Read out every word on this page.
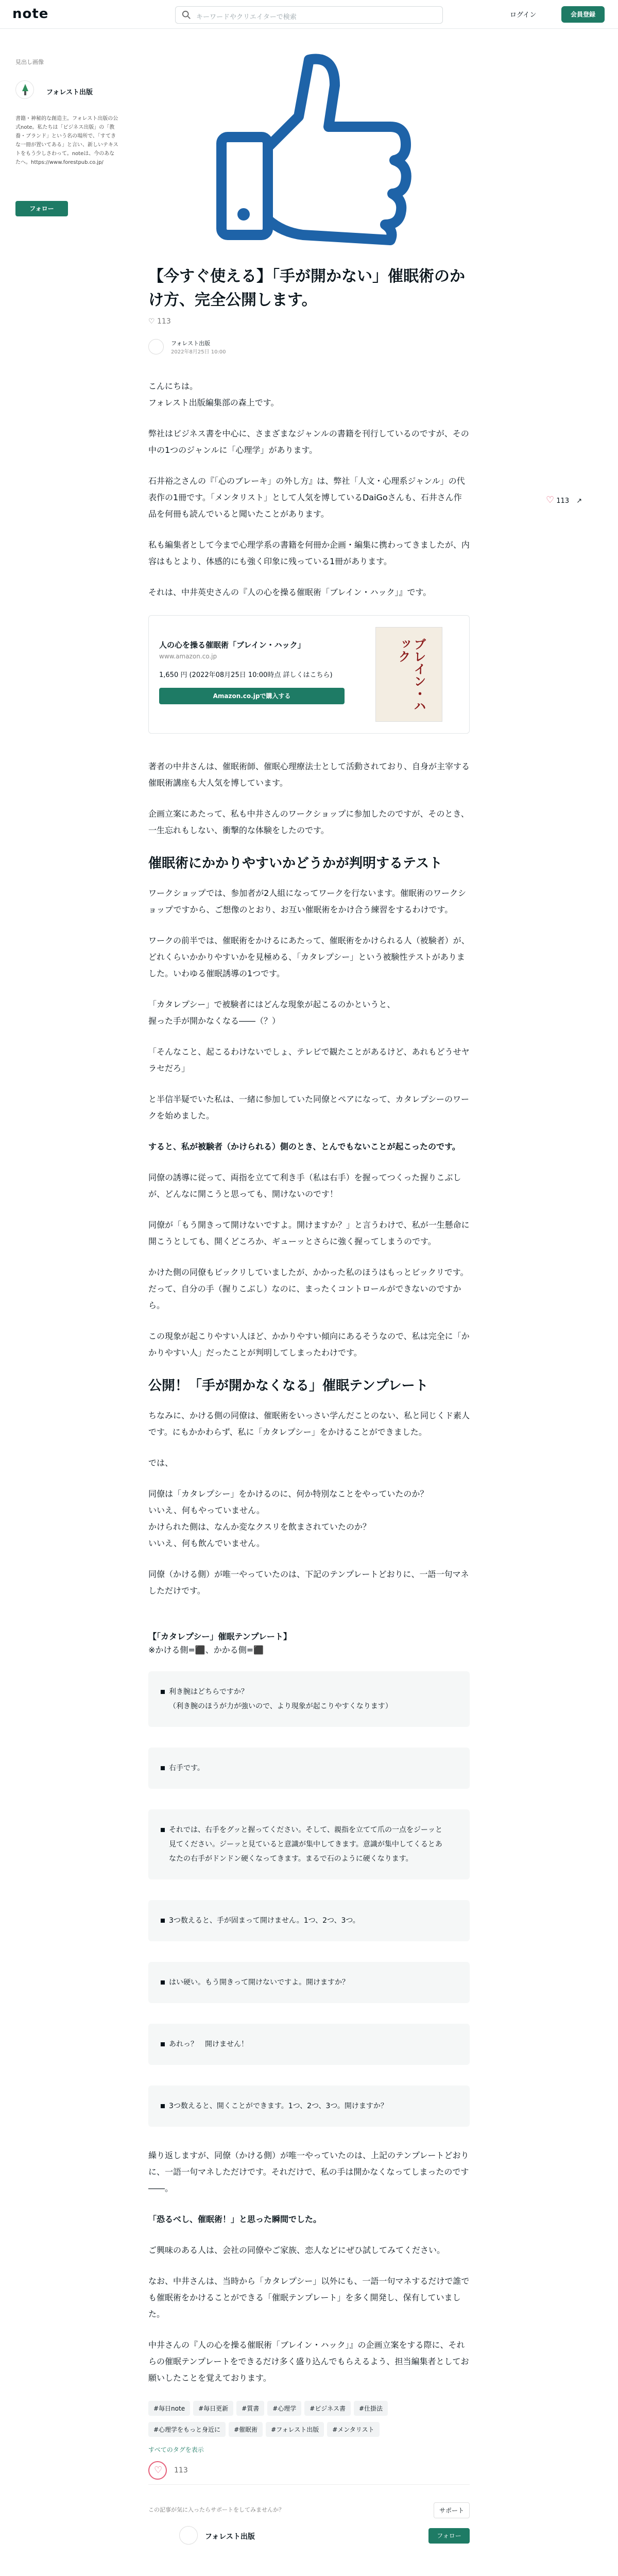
note	キーワードやクリエイターで検索	ログイン	会員登録
見出し画像
フォレスト出版
書籍・神秘的な創造主。フォレスト出版の公式note。私たちは「ビジネス出版」の「教養・ブランド」という名の場所で、「すてきな一冊が置いてある」と言い、新しいテキストをもう少しさわって。noteは、今のあなたへ。https://www.forestpub.co.jp/
フォロー
♡ 113 ↗
【今すぐ使える】「手が開かない」催眠術のかけ方、完全公開します。
♡ 113
フォレスト出版
2022年8月25日 10:00

こんにちは。
フォレスト出版編集部の森上です。

弊社はビジネス書を中心に、さまざまなジャンルの書籍を刊行しているのですが、その中の1つのジャンルに「心理学」があります。

石井裕之さんの『「心のブレーキ」の外し方』は、弊社「人文・心理系ジャンル」の代表作の1冊です。「メンタリスト」として人気を博しているDaiGoさんも、石井さん作品を何冊も読んでいると聞いたことがあります。

私も編集者として今まで心理学系の書籍を何冊か企画・編集に携わってきましたが、内容はもとより、体感的にも強く印象に残っている1冊があります。

それは、中井英史さんの『人の心を操る催眠術「ブレイン・ハック」』です。

人の心を操る催眠術「ブレイン・ハック」
www.amazon.co.jp
1,650 円 (2022年08月25日 10:00時点 詳しくはこちら)
Amazon.co.jpで購入する	ブレイン・ハック

著者の中井さんは、催眠術師、催眠心理療法士として活動されており、自身が主宰する催眠術講座も大人気を博しています。

企画立案にあたって、私も中井さんのワークショップに参加したのですが、そのとき、一生忘れもしない、衝撃的な体験をしたのです。

催眠術にかかりやすいかどうかが判明するテスト

ワークショップでは、参加者が2人組になってワークを行ないます。催眠術のワークショップですから、ご想像のとおり、お互い催眠術をかけ合う練習をするわけです。

ワークの前半では、催眠術をかけるにあたって、催眠術をかけられる人（被験者）が、どれくらいかかりやすいかを見極める、「カタレプシー」という被験性テストがありました。いわゆる催眠誘導の1つです。

「カタレプシー」で被験者にはどんな現象が起こるのかというと、
握った手が開かなくなる――（？）

「そんなこと、起こるわけないでしょ、テレビで観たことがあるけど、あれもどうせヤラセだろ」

と半信半疑でいた私は、一緒に参加していた同僚とペアになって、カタレプシーのワークを始めました。

すると、私が被験者（かけられる）側のとき、とんでもないことが起こったのです。

同僚の誘導に従って、両指を立てて利き手（私は右手）を握ってつくった握りこぶしが、どんなに開こうと思っても、開けないのです！

同僚が「もう開きって開けないですよ。開けますか？」と言うわけで、私が一生懸命に開こうとしても、開くどころか、ギューッとさらに強く握ってしまうのです。

かけた側の同僚もビックリしていましたが、かかった私のほうはもっとビックリです。だって、自分の手（握りこぶし）なのに、まったくコントロールができないのですから。

この現象が起こりやすい人ほど、かかりやすい傾向にあるそうなので、私は完全に「かかりやすい人」だったことが判明してしまったわけです。

公開！「手が開かなくなる」催眠テンプレート

ちなみに、かける側の同僚は、催眠術をいっさい学んだことのない、私と同じくド素人です。にもかかわらず、私に「カタレプシー」をかけることができました。

では、

同僚は「カタレプシー」をかけるのに、何か特別なことをやっていたのか？
いいえ、何もやっていません。
かけられた側は、なんか変なクスリを飲まされていたのか？
いいえ、何も飲んでいません。

同僚（かける側）が唯一やっていたのは、下記のテンプレートどおりに、一語一句マネしただけです。

【「カタレプシー」催眠テンプレート】
※かける側=⬛、かかる側=⬛
利き腕はどちらですか？
（利き腕のほうが力が強いので、より現象が起こりやすくなります）
右手です。
それでは、右手をグッと握ってください。そして、親指を立てて爪の一点をジーッと見てください。ジーッと見ていると意識が集中してきます。意識が集中してくるとあなたの右手がドンドン硬くなってきます。まるで石のように硬くなります。
3つ数えると、手が固まって開けません。1つ、2つ、3つ。
はい硬い。もう開きって開けないですよ。開けますか？
あれっ？　開けません！
3つ数えると、開くことができます。1つ、2つ、3つ。開けますか？

繰り返しますが、同僚（かける側）が唯一やっていたのは、上記のテンプレートどおりに、一語一句マネしただけです。それだけで、私の手は開かなくなってしまったのです――。

「恐るべし、催眠術！」と思った瞬間でした。

ご興味のある人は、会社の同僚やご家族、恋人などにぜひ試してみてください。

なお、中井さんは、当時から「カタレプシー」以外にも、一語一句マネするだけで誰でも催眠術をかけることができる「催眠テンプレート」を多く開発し、保有していました。

中井さんの『人の心を操る催眠術「ブレイン・ハック」』の企画立案をする際に、それらの催眠テンプレートをできるだけ多く盛り込んでもらえるよう、担当編集者としてお願いしたことを覚えております。

#毎日note #毎日更新 #質書 #心理学 #ビジネス書 #仕掛法#心理学をもっと身近に #催眠術 #フォレスト出版 #メンタリスト
すべてのタグを表示
♡ 113
この記事が気に入ったらサポートをしてみませんか？	サポート
フォレスト出版	フォロー
